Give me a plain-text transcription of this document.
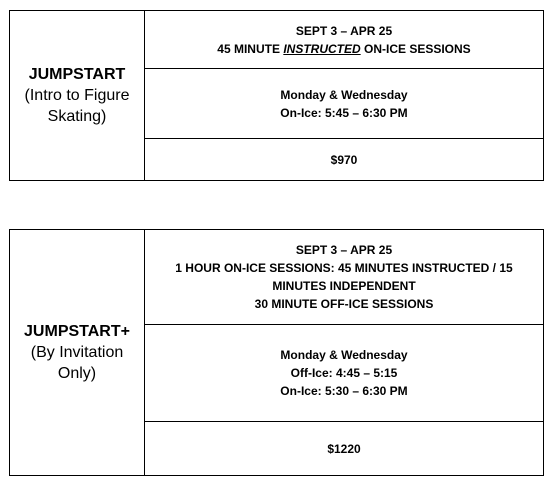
JUMPSTART
(Intro to Figure
Skating)

SEPT 3 – APR 25
45 MINUTE INSTRUCTED ON-ICE SESSIONS

Monday & Wednesday
On-Ice: 5:45 – 6:30 PM

$970
JUMPSTART+
(By Invitation
Only)

SEPT 3 – APR 25
1 HOUR ON-ICE SESSIONS: 45 MINUTES INSTRUCTED / 15
MINUTES INDEPENDENT
30 MINUTE OFF-ICE SESSIONS

Monday & Wednesday
Off-Ice: 4:45 – 5:15
On-Ice: 5:30 – 6:30 PM

$1220
